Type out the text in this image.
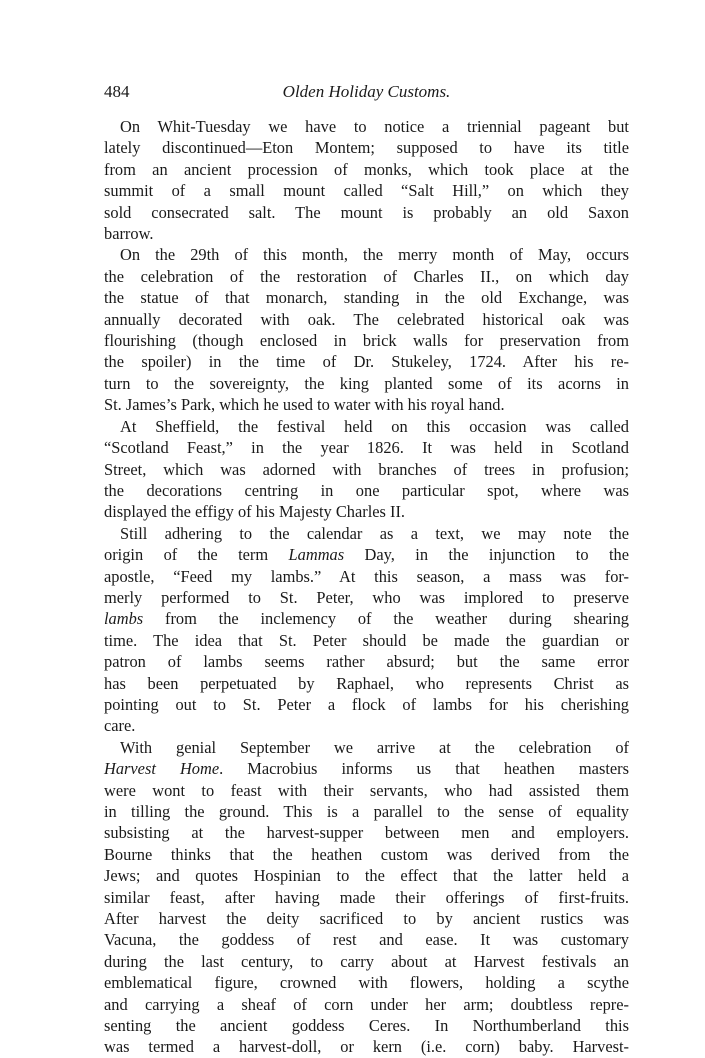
484	Olden Holiday Customs.
On Whit-Tuesday we have to notice a triennial pageant but
lately discontinued—Eton Montem; supposed to have its title
from an ancient procession of monks, which took place at the
summit of a small mount called “Salt Hill,” on which they
sold consecrated salt. The mount is probably an old Saxon
barrow.
On the 29th of this month, the merry month of May, occurs
the celebration of the restoration of Charles II., on which day
the statue of that monarch, standing in the old Exchange, was
annually decorated with oak. The celebrated historical oak was
flourishing (though enclosed in brick walls for preservation from
the spoiler) in the time of Dr. Stukeley, 1724. After his re-
turn to the sovereignty, the king planted some of its acorns in
St. James’s Park, which he used to water with his royal hand.
At Sheffield, the festival held on this occasion was called
“Scotland Feast,” in the year 1826. It was held in Scotland
Street, which was adorned with branches of trees in profusion;
the decorations centring in one particular spot, where was
displayed the effigy of his Majesty Charles II.
Still adhering to the calendar as a text, we may note the
origin of the term Lammas Day, in the injunction to the
apostle, “Feed my lambs.” At this season, a mass was for-
merly performed to St. Peter, who was implored to preserve
lambs from the inclemency of the weather during shearing
time. The idea that St. Peter should be made the guardian or
patron of lambs seems rather absurd; but the same error
has been perpetuated by Raphael, who represents Christ as
pointing out to St. Peter a flock of lambs for his cherishing
care.
With genial September we arrive at the celebration of
Harvest Home. Macrobius informs us that heathen masters
were wont to feast with their servants, who had assisted them
in tilling the ground. This is a parallel to the sense of equality
subsisting at the harvest-supper between men and employers.
Bourne thinks that the heathen custom was derived from the
Jews; and quotes Hospinian to the effect that the latter held a
similar feast, after having made their offerings of first-fruits.
After harvest the deity sacrificed to by ancient rustics was
Vacuna, the goddess of rest and ease. It was customary
during the last century, to carry about at Harvest festivals an
emblematical figure, crowned with flowers, holding a scythe
and carrying a sheaf of corn under her arm; doubtless repre-
senting the ancient goddess Ceres. In Northumberland this
was termed a harvest-doll, or kern (i.e. corn) baby. Harvest-
